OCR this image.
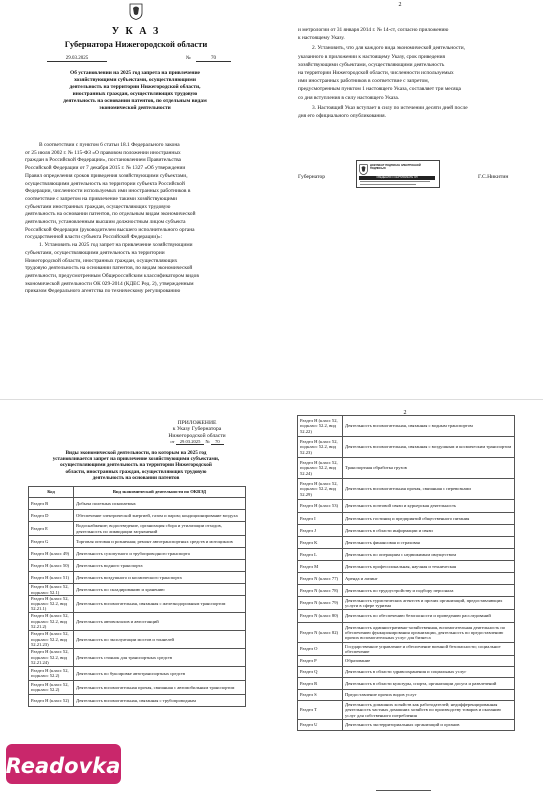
2
У К А З
Губернатора Нижегородской области
29.03.2025	№	70
Об установлении на 2025 год запрета на привлечение
хозяйствующими субъектами, осуществляющими
деятельность на территории Нижегородской области,
иностранных граждан, осуществляющих трудовую
деятельность на основании патентов, по отдельным видам
экономической деятельности
В соответствии с пунктом 6 статьи 18.1 Федерального закона
от 25 июля 2002 г. № 115-ФЗ «О правовом положении иностранных
граждан в Российской Федерации», постановлением Правительства
Российской Федерации от 7 декабря 2015 г. № 1327 «Об утверждении
Правил определения сроков приведения хозяйствующими субъектами,
осуществляющими деятельность на территории субъекта Российской
Федерации, численности используемых ими иностранных работников в
соответствие с запретом на привлечение такими хозяйствующими
субъектами иностранных граждан, осуществляющих трудовую
деятельность на основании патентов, по отдельным видам экономической
деятельности, установленным высшим должностным лицом субъекта
Российской Федерации (руководителем высшего исполнительного органа
государственной власти субъекта Российской Федерации)»:
1. Установить на 2025 год запрет на привлечение хозяйствующими
субъектами, осуществляющими деятельность на территории
Нижегородской области, иностранных граждан, осуществляющих
трудовую деятельность на основании патентов, по видам экономической
деятельности, предусмотренным Общероссийским классификатором видов
экономической деятельности ОК 029-2014 (КДЕС Ред. 2), утвержденным
приказом Федерального агентства по техническому регулированию
и метрологии от 31 января 2014 г. № 14-ст, согласно приложению
к настоящему Указу.
2. Установить, что для каждого вида экономической деятельности,
указанного в приложении к настоящему Указу, срок приведения
хозяйствующими субъектами, осуществляющими деятельность
на территории Нижегородской области, численности используемых
ими иностранных работников в соответствие с запретом,
предусмотренным пунктом 1 настоящего Указа, составляет три месяца
со дня вступления в силу настоящего Указа.
3. Настоящий Указ вступает в силу по истечении десяти дней после
дня его официального опубликования.
Губернатор	Г.С.Никитин
ДОКУМЕНТ ПОДПИСАН ЭЛЕКТРОННОЙ ПОДПИСЬЮ
СВЕДЕНИЯ О СЕРТИФИКАТЕ ЭП
2
ПРИЛОЖЕНИЕ
к Указу Губернатора
Нижегородской области
от 29.03.2025 № 70
Виды экономической деятельности, по которым на 2025 год
установливается запрет на привлечение хозяйствующими субъектами,
осуществляющими деятельность на территории Нижегородской
области, иностранных граждан, осуществляющих трудовую
деятельность на основании патентов
Код	Вид экономической деятельности по ОКВЭД
Раздел В	Добыча полезных ископаемых
Раздел D	Обеспечение электрической энергией, газом и паром; кондиционирование воздуха
Раздел Е	Водоснабжение; водоотведение, организация сбора и утилизации отходов, деятельность по ликвидации загрязнений
Раздел G	Торговля оптовая и розничная; ремонт автотранспортных средств и мотоциклов
Раздел H (класс 49)	Деятельность сухопутного и трубопроводного транспорта
Раздел H (класс 50)	Деятельность водного транспорта
Раздел H (класс 51)	Деятельность воздушного и космического транспорта
Раздел H (класс 52, подкласс 52.1)	Деятельность по складированию и хранению
Раздел H (класс 52, подкласс 52.2, вид 52.21.1)	Деятельность вспомогательная, связанная с железнодорожным транспортом
Раздел H (класс 52, подкласс 52.2, вид 52.21.2)	Деятельность автовокзалов и автостанций
Раздел H (класс 52, подкласс 52.2, вид 52.21.23)	Деятельность по эксплуатации мостов и тоннелей
Раздел H (класс 52, подкласс 52.2, вид 52.21.24)	Деятельность стоянок для транспортных средств
Раздел H (класс 52, подкласс 52.2)	Деятельность по буксировке автотранспортных средств
Раздел H (класс 52, подкласс 52.2)	Деятельность вспомогательная прочая, связанная с автомобильным транспортом
Раздел H (класс 52)	Деятельность вспомогательная, связанная с трубопроводным
Раздел H (класс 52, подкласс 52.2, вид 52.22)	Деятельность вспомогательная, связанная с водным транспортом
Раздел H (класс 52, подкласс 52.2, вид 52.23)	Деятельность вспомогательная, связанная с воздушным и космическим транспортом
Раздел H (класс 52, подкласс 52.2, вид 52.24)	Транспортная обработка грузов
Раздел H (класс 52, подкласс 52.2, вид 52.29)	Деятельность вспомогательная прочая, связанная с перевозками
Раздел H (класс 53)	Деятельность почтовой связи и курьерская деятельность
Раздел I	Деятельность гостиниц и предприятий общественного питания
Раздел J	Деятельность в области информации и связи
Раздел K	Деятельность финансовая и страховая
Раздел L	Деятельность по операциям с недвижимым имуществом
Раздел M	Деятельность профессиональная, научная и техническая
Раздел N (класс 77)	Аренда и лизинг
Раздел N (класс 78)	Деятельность по трудоустройству и подбору персонала
Раздел N (класс 79)	Деятельность туристических агентств и прочих организаций, предоставляющих услуги в сфере туризма
Раздел N (класс 80)	Деятельность по обеспечению безопасности и проведению расследований
Раздел N (класс 82)	Деятельность административно-хозяйственная, вспомогательная деятельность по обеспечению функционирования организации, деятельность по предоставлению прочих вспомогательных услуг для бизнеса
Раздел O	Государственное управление и обеспечение военной безопасности; социальное обеспечение
Раздел P	Образование
Раздел Q	Деятельность в области здравоохранения и социальных услуг
Раздел R	Деятельность в области культуры, спорта, организации досуга и развлечений
Раздел S	Предоставление прочих видов услуг
Раздел T	Деятельность домашних хозяйств как работодателей; недифференцированная деятельность частных домашних хозяйств по производству товаров и оказанию услуг для собственного потребления
Раздел U	Деятельность экстерриториальных организаций и органов
Readovka
